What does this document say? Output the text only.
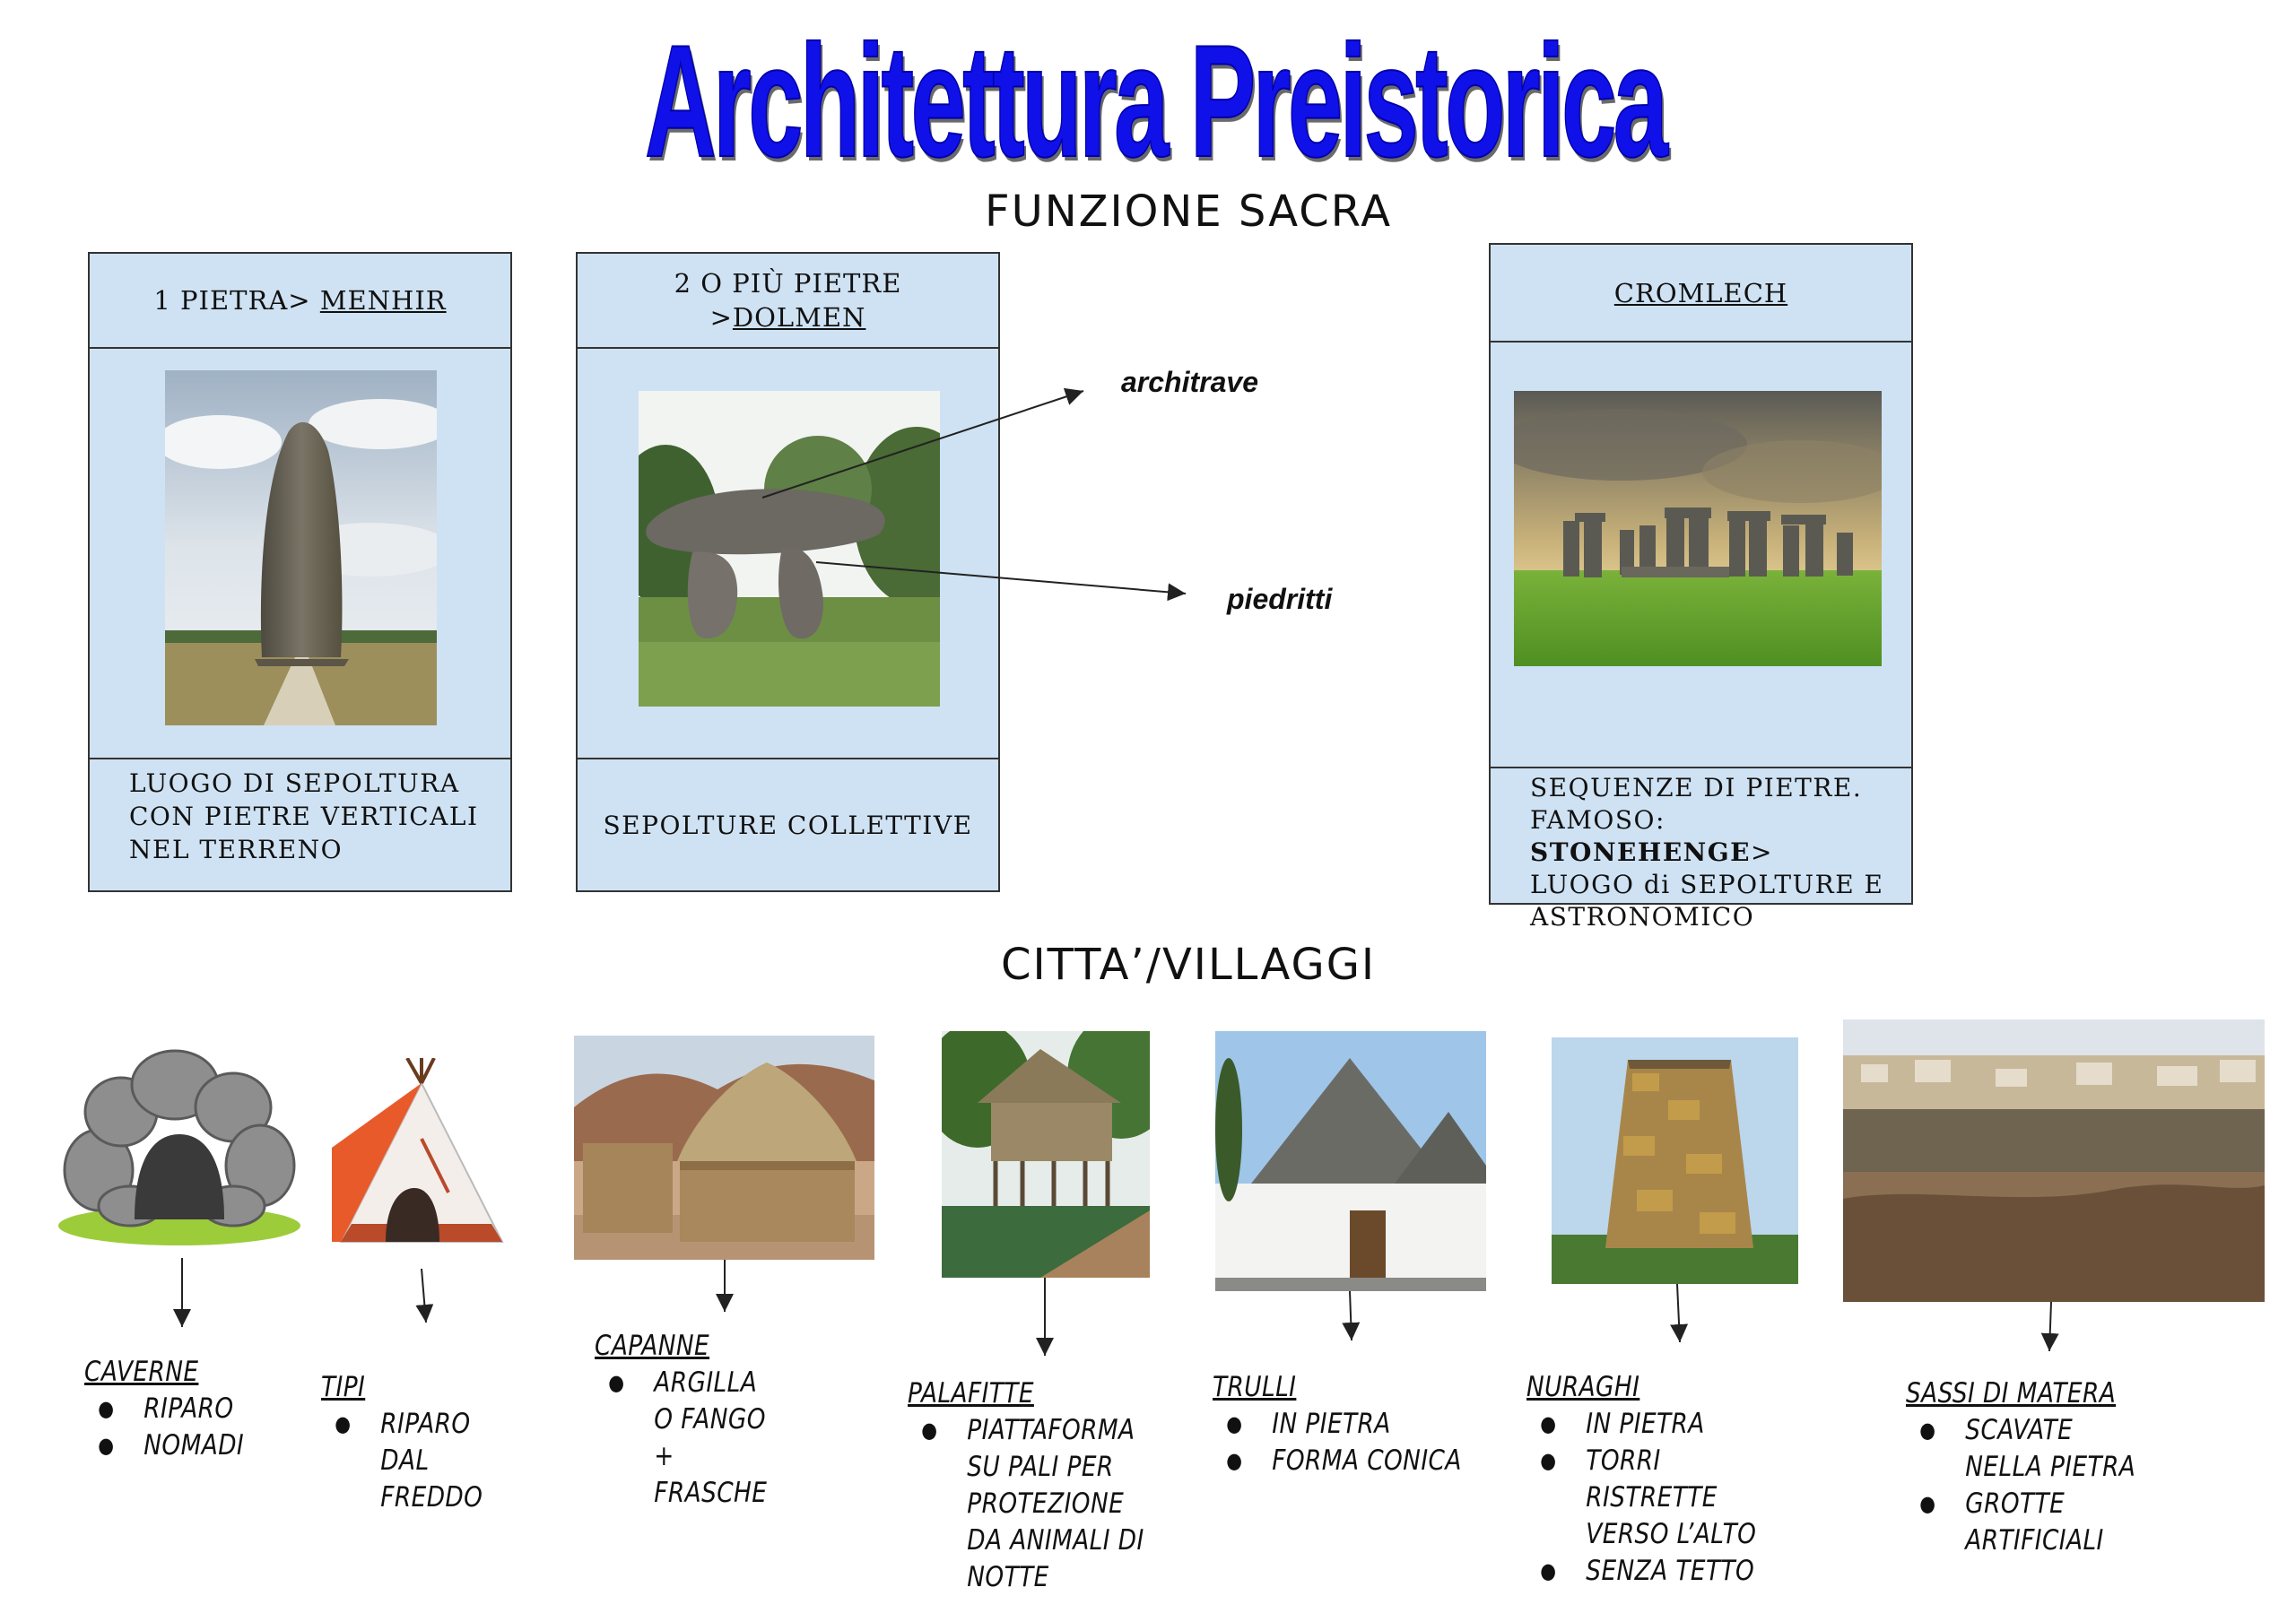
Architettura Preistorica
FUNZIONE SACRA
1 PIETRA> MENHIR
LUOGO DI SEPOLTURA
CON PIETRE VERTICALI
NEL TERRENO
2 O PIÙ PIETRE
>DOLMEN
SEPOLTURE COLLETTIVE
architrave
piedritti
CROMLECH
SEQUENZE DI PIETRE.
FAMOSO: STONEHENGE>
LUOGO di SEPOLTURE E
ASTRONOMICO
CITTA’/VILLAGGI
CAVERNE
● RIPARO
● NOMADI
TIPI
● RIPARO DAL FREDDO
CAPANNE
● ARGILLA O FANGO + FRASCHE
PALAFITTE
● PIATTAFORMA SU PALI PER PROTEZIONE DA ANIMALI DI NOTTE
TRULLI
● IN PIETRA
● FORMA CONICA
NURAGHI
● IN PIETRA
● TORRI RISTRETTE VERSO L’ALTO
● SENZA TETTO
SASSI DI MATERA
● SCAVATE NELLA PIETRA
● GROTTE ARTIFICIALI
